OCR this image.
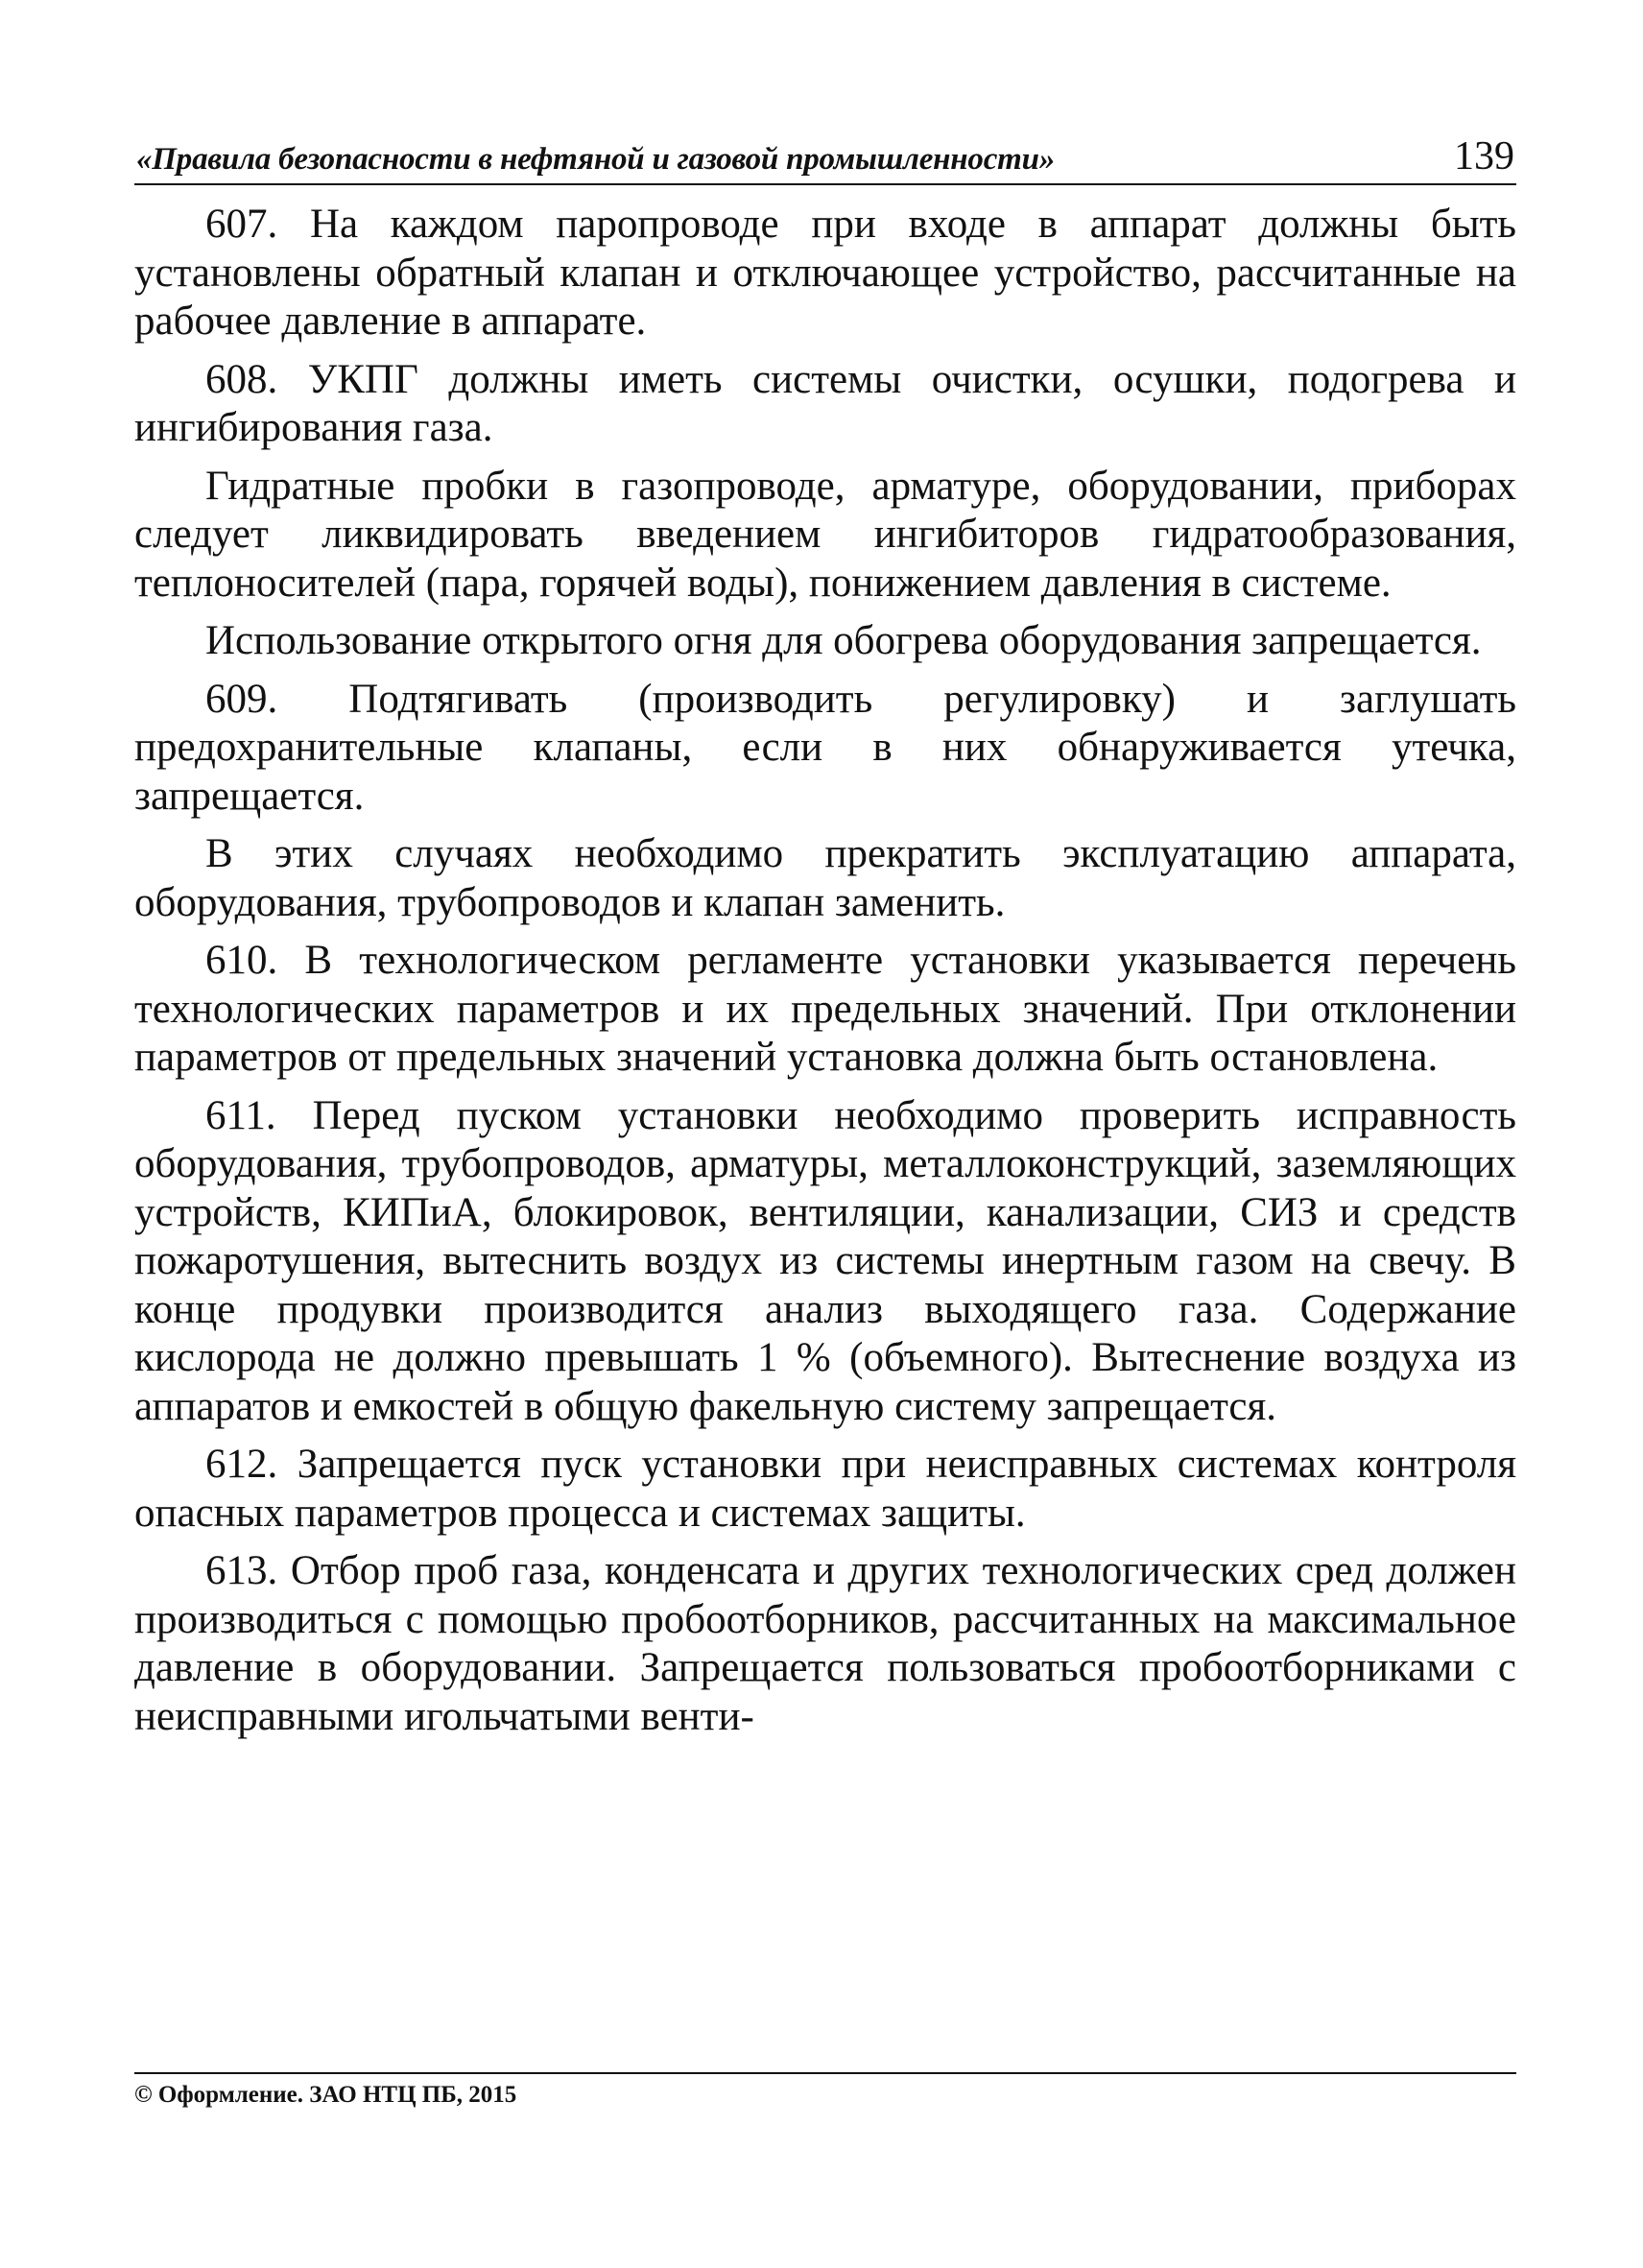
«Правила безопасности в нефтяной и газовой промышленности»	139

607. На каждом паропроводе при входе в аппарат должны быть установлены обратный клапан и отключающее устройство, рассчитанные на рабочее давление в аппарате.

608. УКПГ должны иметь системы очистки, осушки, подогрева и ингибирования газа.

Гидратные пробки в газопроводе, арматуре, оборудовании, приборах следует ликвидировать введением ингибиторов гидратообразования, теплоносителей (пара, горячей воды), понижением давления в системе.

Использование открытого огня для обогрева оборудования запрещается.

609. Подтягивать (производить регулировку) и заглушать предохранительные клапаны, если в них обнаруживается утечка, запрещается.

В этих случаях необходимо прекратить эксплуатацию аппарата, оборудования, трубопроводов и клапан заменить.

610. В технологическом регламенте установки указывается перечень технологических параметров и их предельных значений. При отклонении параметров от предельных значений установка должна быть остановлена.

611. Перед пуском установки необходимо проверить исправность оборудования, трубопроводов, арматуры, металлоконструкций, заземляющих устройств, КИПиА, блокировок, вентиляции, канализации, СИЗ и средств пожаротушения, вытеснить воздух из системы инертным газом на свечу. В конце продувки производится анализ выходящего газа. Содержание кислорода не должно превышать 1 % (объемного). Вытеснение воздуха из аппаратов и емкостей в общую факельную систему запрещается.

612. Запрещается пуск установки при неисправных системах контроля опасных параметров процесса и системах защиты.

613. Отбор проб газа, конденсата и других технологических сред должен производиться с помощью пробоотборников, рассчитанных на максимальное давление в оборудовании. Запрещается пользоваться пробоотборниками с неисправными игольчатыми венти-

© Оформление. ЗАО НТЦ ПБ, 2015
